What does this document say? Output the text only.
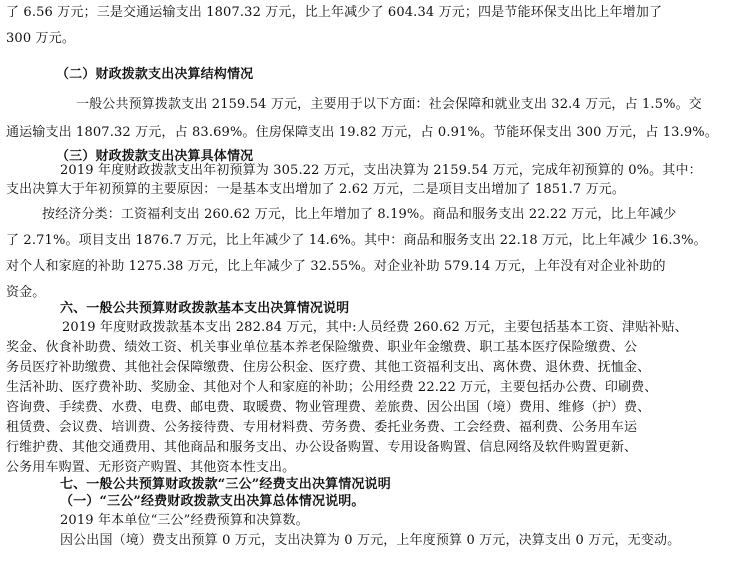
了 6.56 万元；三是交通运输支出 1807.32 万元，比上年减少了 604.34 万元；四是节能环保支出比上年增加了

300 万元。

（二）财政拨款支出决算结构情况

一般公共预算拨款支出 2159.54 万元，主要用于以下方面：社会保障和就业支出 32.4 万元，占 1.5%。交

通运输支出 1807.32 万元，占 83.69%。住房保障支出 19.82 万元，占 0.91%。节能环保支出 300 万元，占 13.9%。

（三）财政拨款支出决算具体情况

2019 年度财政拨款支出年初预算为 305.22 万元，支出决算为 2159.54 万元，完成年初预算的 0%。其中：

支出决算大于年初预算的主要原因：一是基本支出增加了 2.62 万元，二是项目支出增加了 1851.7 万元。

按经济分类：工资福利支出 260.62 万元，比上年增加了 8.19%。商品和服务支出 22.22 万元，比上年减少

了 2.71%。项目支出 1876.7 万元，比上年减少了 14.6%。其中：商品和服务支出 22.18 万元，比上年减少 16.3%。

对个人和家庭的补助 1275.38 万元，比上年减少了 32.55%。对企业补助 579.14 万元，上年没有对企业补助的

资金。

六、一般公共预算财政拨款基本支出决算情况说明

2019 年度财政拨款基本支出 282.84 万元，其中:人员经费 260.62 万元，主要包括基本工资、津贴补贴、

奖金、伙食补助费、绩效工资、机关事业单位基本养老保险缴费、职业年金缴费、职工基本医疗保险缴费、公

务员医疗补助缴费、其他社会保障缴费、住房公积金、医疗费、其他工资福利支出、离休费、退休费、抚恤金、

生活补助、医疗费补助、奖励金、其他对个人和家庭的补助；公用经费 22.22 万元，主要包括办公费、印刷费、

咨询费、手续费、水费、电费、邮电费、取暖费、物业管理费、差旅费、因公出国（境）费用、维修（护）费、

租赁费、会议费、培训费、公务接待费、专用材料费、劳务费、委托业务费、工会经费、福利费、公务用车运

行维护费、其他交通费用、其他商品和服务支出、办公设备购置、专用设备购置、信息网络及软件购置更新、

公务用车购置、无形资产购置、其他资本性支出。

七、一般公共预算财政拨款“三公”经费支出决算情况说明

（一）“三公”经费财政拨款支出决算总体情况说明。

2019 年本单位“三公”经费预算和决算数。

因公出国（境）费支出预算 0 万元，支出决算为 0 万元，上年度预算 0 万元，决算支出 0 万元，无变动。
